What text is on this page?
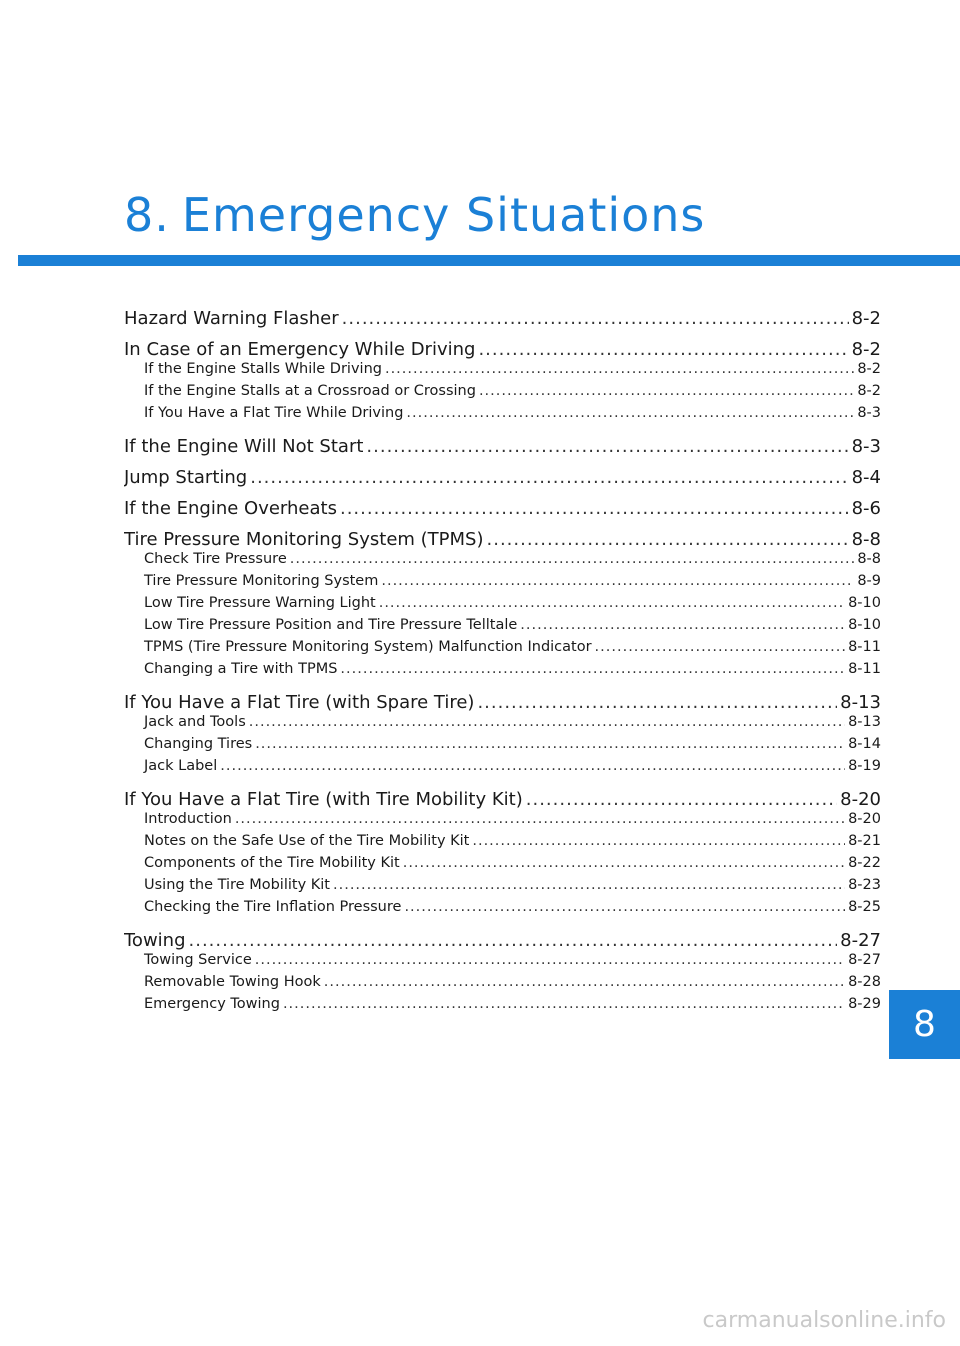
8. Emergency Situations
Hazard Warning Flasher .....	8-2
In Case of an Emergency While Driving .....	8-2
If the Engine Stalls While Driving .....	8-2
If the Engine Stalls at a Crossroad or Crossing .....	8-2
If You Have a Flat Tire While Driving .....	8-3
If the Engine Will Not Start .....	8-3
Jump Starting .....	8-4
If the Engine Overheats .....	8-6
Tire Pressure Monitoring System (TPMS) .....	8-8
Check Tire Pressure .....	8-8
Tire Pressure Monitoring System .....	8-9
Low Tire Pressure Warning Light .....	8-10
Low Tire Pressure Position and Tire Pressure Telltale .....	8-10
TPMS (Tire Pressure Monitoring System) Malfunction Indicator .....	8-11
Changing a Tire with TPMS .....	8-11
If You Have a Flat Tire (with Spare Tire) .....	8-13
Jack and Tools .....	8-13
Changing Tires .....	8-14
Jack Label .....	8-19
If You Have a Flat Tire (with Tire Mobility Kit) .....	8-20
Introduction .....	8-20
Notes on the Safe Use of the Tire Mobility Kit .....	8-21
Components of the Tire Mobility Kit .....	8-22
Using the Tire Mobility Kit .....	8-23
Checking the Tire Inflation Pressure .....	8-25
Towing .....	8-27
Towing Service .....	8-27
Removable Towing Hook .....	8-28
Emergency Towing .....	8-29 8
carmanualsonline.info
